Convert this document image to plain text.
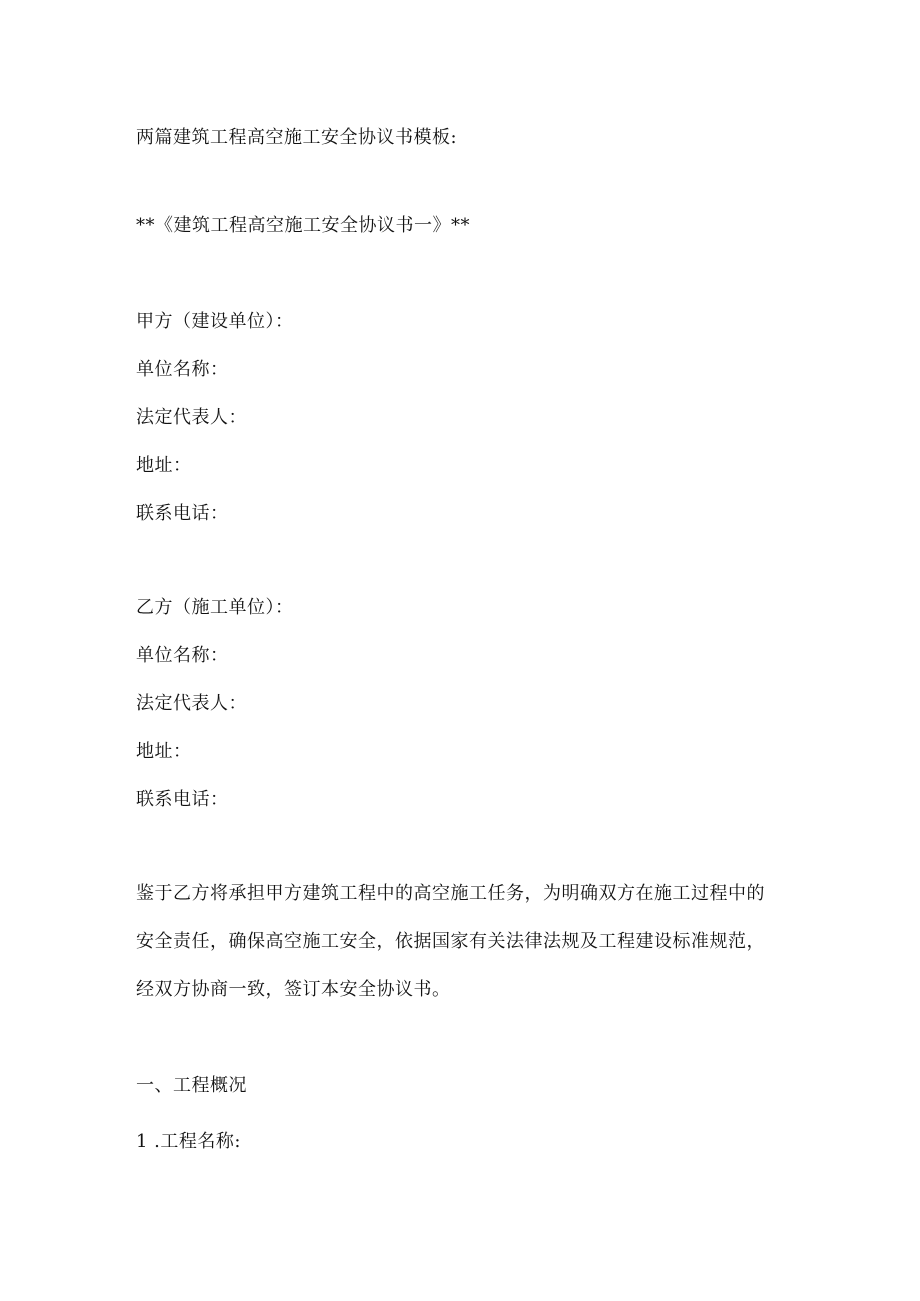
两篇建筑工程高空施工安全协议书模板:
**《建筑工程高空施工安全协议书一》**
甲方（建设单位）：
单位名称：
法定代表人：
地址：
联系电话：
乙方（施工单位）：
单位名称：
法定代表人：
地址：
联系电话：
鉴于乙方将承担甲方建筑工程中的高空施工任务，为明确双方在施工过程中的
安全责任，确保高空施工安全，依据国家有关法律法规及工程建设标准规范，
经双方协商一致，签订本安全协议书。
一、工程概况
1 .工程名称:
